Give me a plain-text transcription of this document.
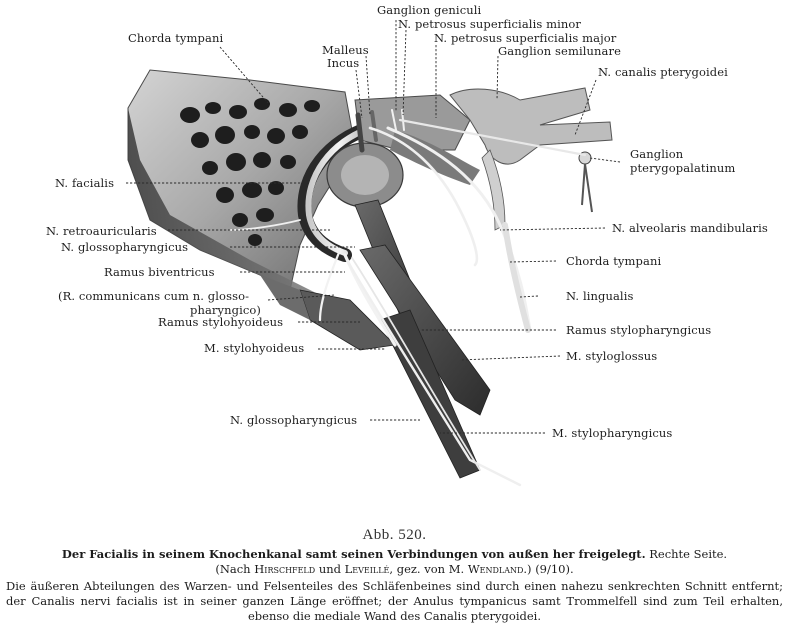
Chorda tympani
Ganglion geniculi
N. petrosus superficialis minor
N. petrosus superficialis major
Ganglion semilunare
Malleus
Incus
N. canalis pterygoidei
Ganglion
pterygopalatinum
N. facialis
N. retroauricularis
N. glossopharyngicus
N. alveolaris mandibularis
Ramus biventricus
Chorda tympani
(R. communicans cum n. glosso-
pharyngico)
N. lingualis
Ramus stylohyoideus
Ramus stylopharyngicus
M. stylohyoideus
M. styloglossus
N. glossopharyngicus
M. stylopharyngicus
Abb. 520.
Der Facialis in seinem Knochenkanal samt seinen Verbindungen von außen her freigelegt. Rechte Seite.
(Nach Hirschfeld und Leveillé, gez. von M. Wendland.) (9/10).
Die äußeren Abteilungen des Warzen- und Felsenteiles des Schläfenbeines sind durch einen nahezu senkrechten Schnitt entfernt; der Canalis nervi facialis ist in seiner ganzen Länge eröffnet; der Anulus tympanicus samt Trommelfell sind zum Teil erhalten, ebenso die mediale Wand des Canalis pterygoidei.
